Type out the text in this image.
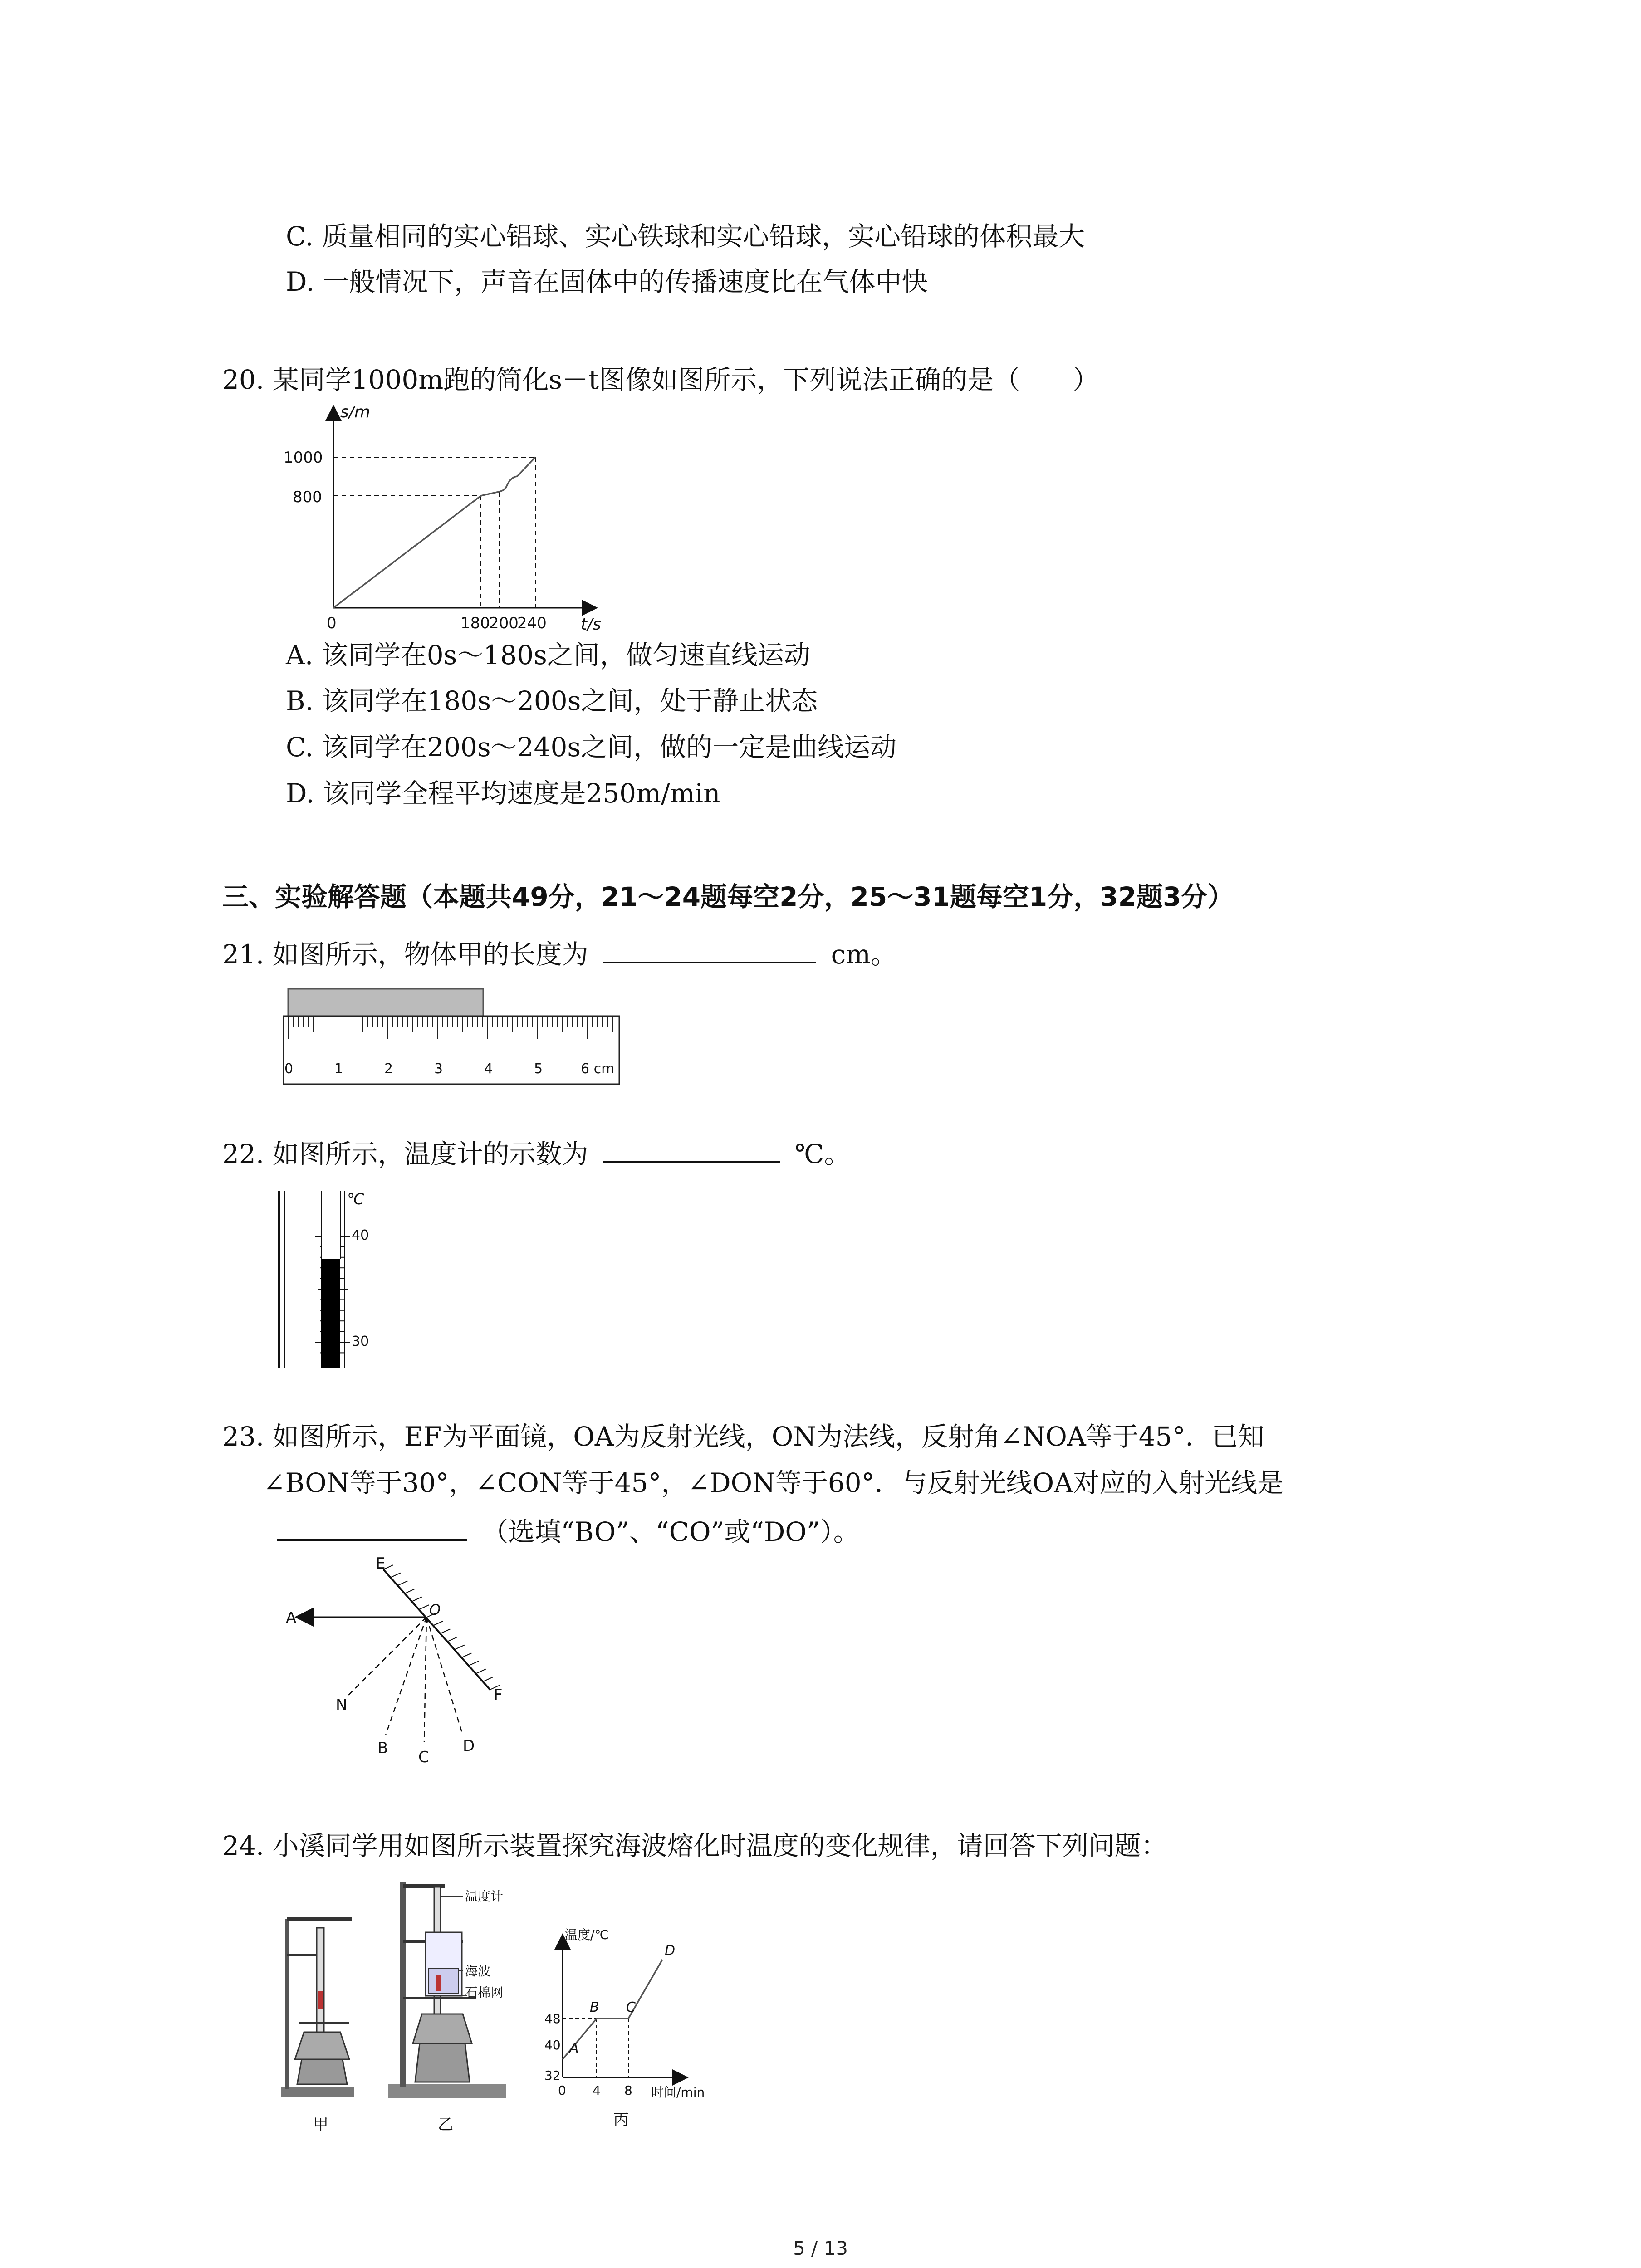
C. 质量相同的实心铝球、实心铁球和实心铅球，实心铅球的体积最大
D. 一般情况下，声音在固体中的传播速度比在气体中快
20. 某同学1000m跑的简化s－t图像如图所示，下列说法正确的是（　　）
s/m
t/s
0
1000
800
180
200
240
A. 该同学在0s～180s之间，做匀速直线运动
B. 该同学在180s～200s之间，处于静止状态
C. 该同学在200s～240s之间，做的一定是曲线运动
D. 该同学全程平均速度是250m/min
三、实验解答题（本题共49分，21～24题每空2分，25～31题每空1分，32题3分）
21. 如图所示，物体甲的长度为	cm。
0	1	2	3	4	5	6 cm
22. 如图所示，温度计的示数为	℃。
℃
40
30
23. 如图所示，EF为平面镜，OA为反射光线，ON为法线，反射角∠NOA等于45°．已知
∠BON等于30°，∠CON等于45°，∠DON等于60°．与反射光线OA对应的入射光线是
（选填“BO”、“CO”或“DO”）。
E
A	O
F
N
B C
D
24. 小溪同学用如图所示装置探究海波熔化时温度的变化规律，请回答下列问题：
甲
温度计
海波
石棉网
乙
温度/℃
时间/min
48
40
32
0 4 8
A
B C
D
丙
5 / 13
